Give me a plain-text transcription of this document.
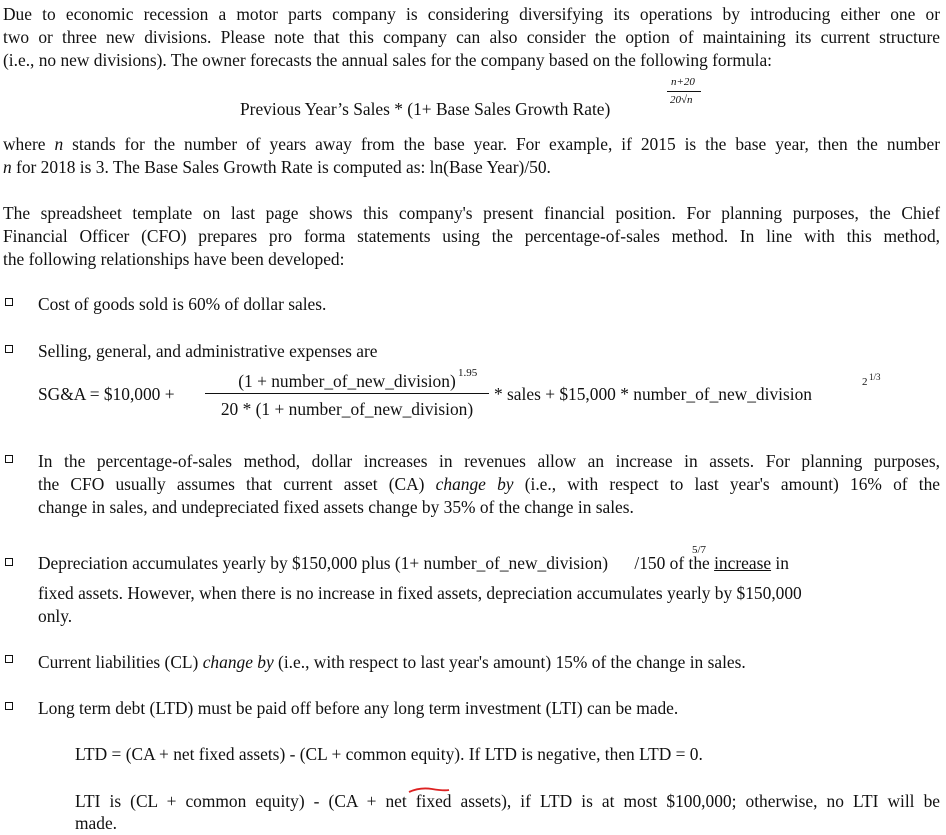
Due to economic recession a motor parts company is considering diversifying its operations by introducing either one or
two or three new divisions. Please note that this company can also consider the option of maintaining its current structure
(i.e., no new divisions). The owner forecasts the annual sales for the company based on the following formula:
Previous Year’s Sales * (1+ Base Sales Growth Rate)
n+20
20√n
where n stands for the number of years away from the base year. For example, if 2015 is the base year, then the number
n for 2018 is 3. The Base Sales Growth Rate is computed as: ln(Base Year)/50.
The spreadsheet template on last page shows this company's present financial position. For planning purposes, the Chief
Financial Officer (CFO) prepares pro forma statements using the percentage-of-sales method. In line with this method,
the following relationships have been developed:
Cost of goods sold is 60% of dollar sales.
Selling, general, and administrative expenses are
SG&A = $10,000 +
(1 + number_of_new_division) 1.95
20 * (1 + number_of_new_division)
* sales + $15,000 * number_of_new_division
2 1/3
In the percentage-of-sales method, dollar increases in revenues allow an increase in assets. For planning purposes,
the CFO usually assumes that current asset (CA) change by (i.e., with respect to last year's amount) 16% of the
change in sales, and undepreciated fixed assets change by 35% of the change in sales.
Depreciation accumulates yearly by $150,000 plus (1+ number_of_new_division) /150 of the increase in
5/7
fixed assets. However, when there is no increase in fixed assets, depreciation accumulates yearly by $150,000
only.
Current liabilities (CL) change by (i.e., with respect to last year's amount) 15% of the change in sales.
Long term debt (LTD) must be paid off before any long term investment (LTI) can be made.
LTD = (CA + net fixed assets) - (CL + common equity). If LTD is negative, then LTD = 0.
LTI is (CL + common equity) - (CA + net fixed assets), if LTD is at most $100,000; otherwise, no LTI will be
made.
